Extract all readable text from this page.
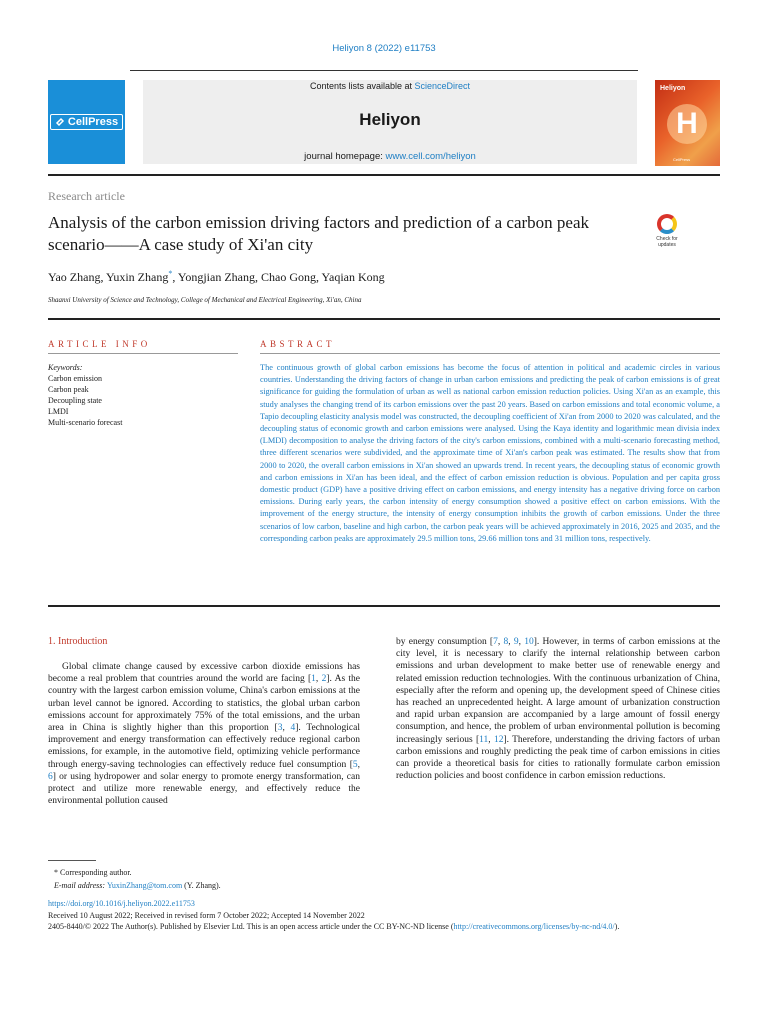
Heliyon 8 (2022) e11753
CellPress
Contents lists available at ScienceDirect
Heliyon
journal homepage: www.cell.com/heliyon
Heliyon
H
CellPress
Research article
Analysis of the carbon emission driving factors and prediction of a carbon peak scenario——A case study of Xi'an city	Check for updates
Yao Zhang, Yuxin Zhang*, Yongjian Zhang, Chao Gong, Yaqian Kong
Shaanxi University of Science and Technology, College of Mechanical and Electrical Engineering, Xi'an, China
ARTICLE INFO	ABSTRACT
Keywords:
Carbon emission
Carbon peak
Decoupling state
LMDI
Multi-scenario forecast

The continuous growth of global carbon emissions has become the focus of attention in political and academic circles in various countries. Understanding the driving factors of change in urban carbon emissions and predicting the peak of carbon emissions is of great significance for guiding the formulation of urban as well as national carbon emission reduction policies. Using Xi'an as an example, this study analyses the changing trend of its carbon emissions over the past 20 years. Based on carbon emissions and total economic volume, a Tapio decoupling elasticity analysis model was constructed, the decoupling coefficient of Xi'an from 2000 to 2020 was calculated, and the decoupling status of economic growth and carbon emissions were analysed. Using the Kaya identity and logarithmic mean divisia index (LMDI) decomposition to analyse the driving factors of the city's carbon emissions, combined with a multi-scenario forecasting method, three different scenarios were subdivided, and the approximate time of Xi'an's carbon peak was estimated. The results show that from 2000 to 2020, the overall carbon emissions in Xi'an showed an upwards trend. In recent years, the decoupling status of economic growth and carbon emissions in Xi'an has been ideal, and the effect of carbon emission reduction is obvious. Population and per capita gross domestic product (GDP) have a positive driving effect on carbon emissions, and energy intensity has a negative driving force on carbon emissions. During early years, the carbon intensity of energy consumption showed a positive effect on carbon emissions. With the improvement of the energy structure, the intensity of energy consumption inhibits the growth of carbon emissions. Under the three scenarios of low carbon, baseline and high carbon, the carbon peak years will be achieved approximately in 2016, 2025 and 2035, and the corresponding carbon peaks are approximately 29.5 million tons, 29.66 million tons and 31 million tons, respectively.

1. Introduction

Global climate change caused by excessive carbon dioxide emissions has become a real problem that countries around the world are facing [1, 2]. As the country with the largest carbon emission volume, China's carbon emissions at the urban level cannot be ignored. According to statistics, the global urban carbon emissions account for approximately 75% of the total emissions, and the urban area in China is slightly higher than this proportion [3, 4]. Technological improvement and energy transformation can effectively reduce regional carbon emissions, for example, in the automotive field, optimizing vehicle performance through energy-saving technologies can effectively reduce fuel consumption [5, 6] or using hydropower and solar energy to promote energy transformation, can protect and utilize more renewable energy, and effectively reduce the environmental pollution caused

by energy consumption [7, 8, 9, 10]. However, in terms of carbon emissions at the city level, it is necessary to clarify the internal relationship between carbon emissions and urban development to make better use of renewable energy and related emission reduction technologies. With the continuous urbanization of China, especially after the reform and opening up, the development speed of Chinese cities has reached an unprecedented height. A large amount of urbanization construction and rapid urban expansion are accompanied by a large amount of fossil energy consumption, and hence, the problem of urban environmental pollution is becoming increasingly serious [11, 12]. Therefore, understanding the driving factors of urban carbon emissions and roughly predicting the peak time of carbon emissions in cities can provide a theoretical basis for cities to rationally formulate carbon emission reduction policies and boost confidence in carbon emission reductions.

* Corresponding author.
E-mail address: YuxinZhang@tom.com (Y. Zhang).
https://doi.org/10.1016/j.heliyon.2022.e11753
Received 10 August 2022; Received in revised form 7 October 2022; Accepted 14 November 2022
2405-8440/© 2022 The Author(s). Published by Elsevier Ltd. This is an open access article under the CC BY-NC-ND license (http://creativecommons.org/licenses/by-nc-nd/4.0/).
